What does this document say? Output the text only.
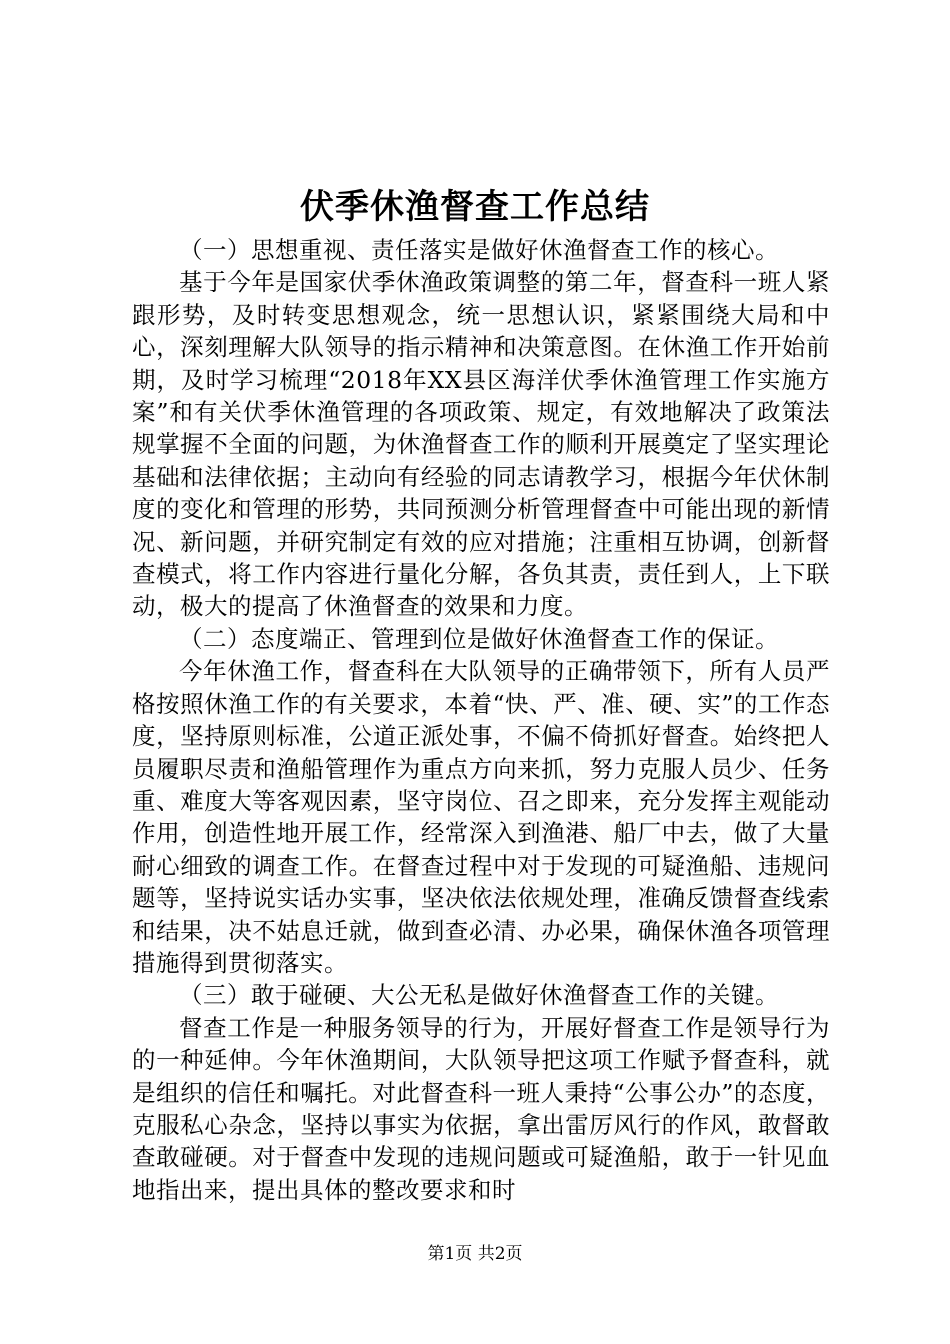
伏季休渔督查工作总结

（一）思想重视、责任落实是做好休渔督查工作的核心。

基于今年是国家伏季休渔政策调整的第二年，督查科一班人紧跟形势，及时转变思想观念，统一思想认识，紧紧围绕大局和中心，深刻理解大队领导的指示精神和决策意图。在休渔工作开始前期，及时学习梳理“2018年XX县区海洋伏季休渔管理工作实施方案”和有关伏季休渔管理的各项政策、规定，有效地解决了政策法规掌握不全面的问题，为休渔督查工作的顺利开展奠定了坚实理论基础和法律依据；主动向有经验的同志请教学习，根据今年伏休制度的变化和管理的形势，共同预测分析管理督查中可能出现的新情况、新问题，并研究制定有效的应对措施；注重相互协调，创新督查模式，将工作内容进行量化分解，各负其责，责任到人，上下联动，极大的提高了休渔督查的效果和力度。

（二）态度端正、管理到位是做好休渔督查工作的保证。

今年休渔工作，督查科在大队领导的正确带领下，所有人员严格按照休渔工作的有关要求，本着“快、严、准、硬、实”的工作态度，坚持原则标准，公道正派处事，不偏不倚抓好督查。始终把人员履职尽责和渔船管理作为重点方向来抓，努力克服人员少、任务重、难度大等客观因素，坚守岗位、召之即来，充分发挥主观能动作用，创造性地开展工作，经常深入到渔港、船厂中去，做了大量耐心细致的调查工作。在督查过程中对于发现的可疑渔船、违规问题等，坚持说实话办实事，坚决依法依规处理，准确反馈督查线索和结果，决不姑息迁就，做到查必清、办必果，确保休渔各项管理措施得到贯彻落实。

（三）敢于碰硬、大公无私是做好休渔督查工作的关键。

督查工作是一种服务领导的行为，开展好督查工作是领导行为的一种延伸。今年休渔期间，大队领导把这项工作赋予督查科，就是组织的信任和嘱托。对此督查科一班人秉持“公事公办”的态度，克服私心杂念，坚持以事实为依据，拿出雷厉风行的作风，敢督敢查敢碰硬。对于督查中发现的违规问题或可疑渔船，敢于一针见血地指出来，提出具体的整改要求和时

第1页 共2页
